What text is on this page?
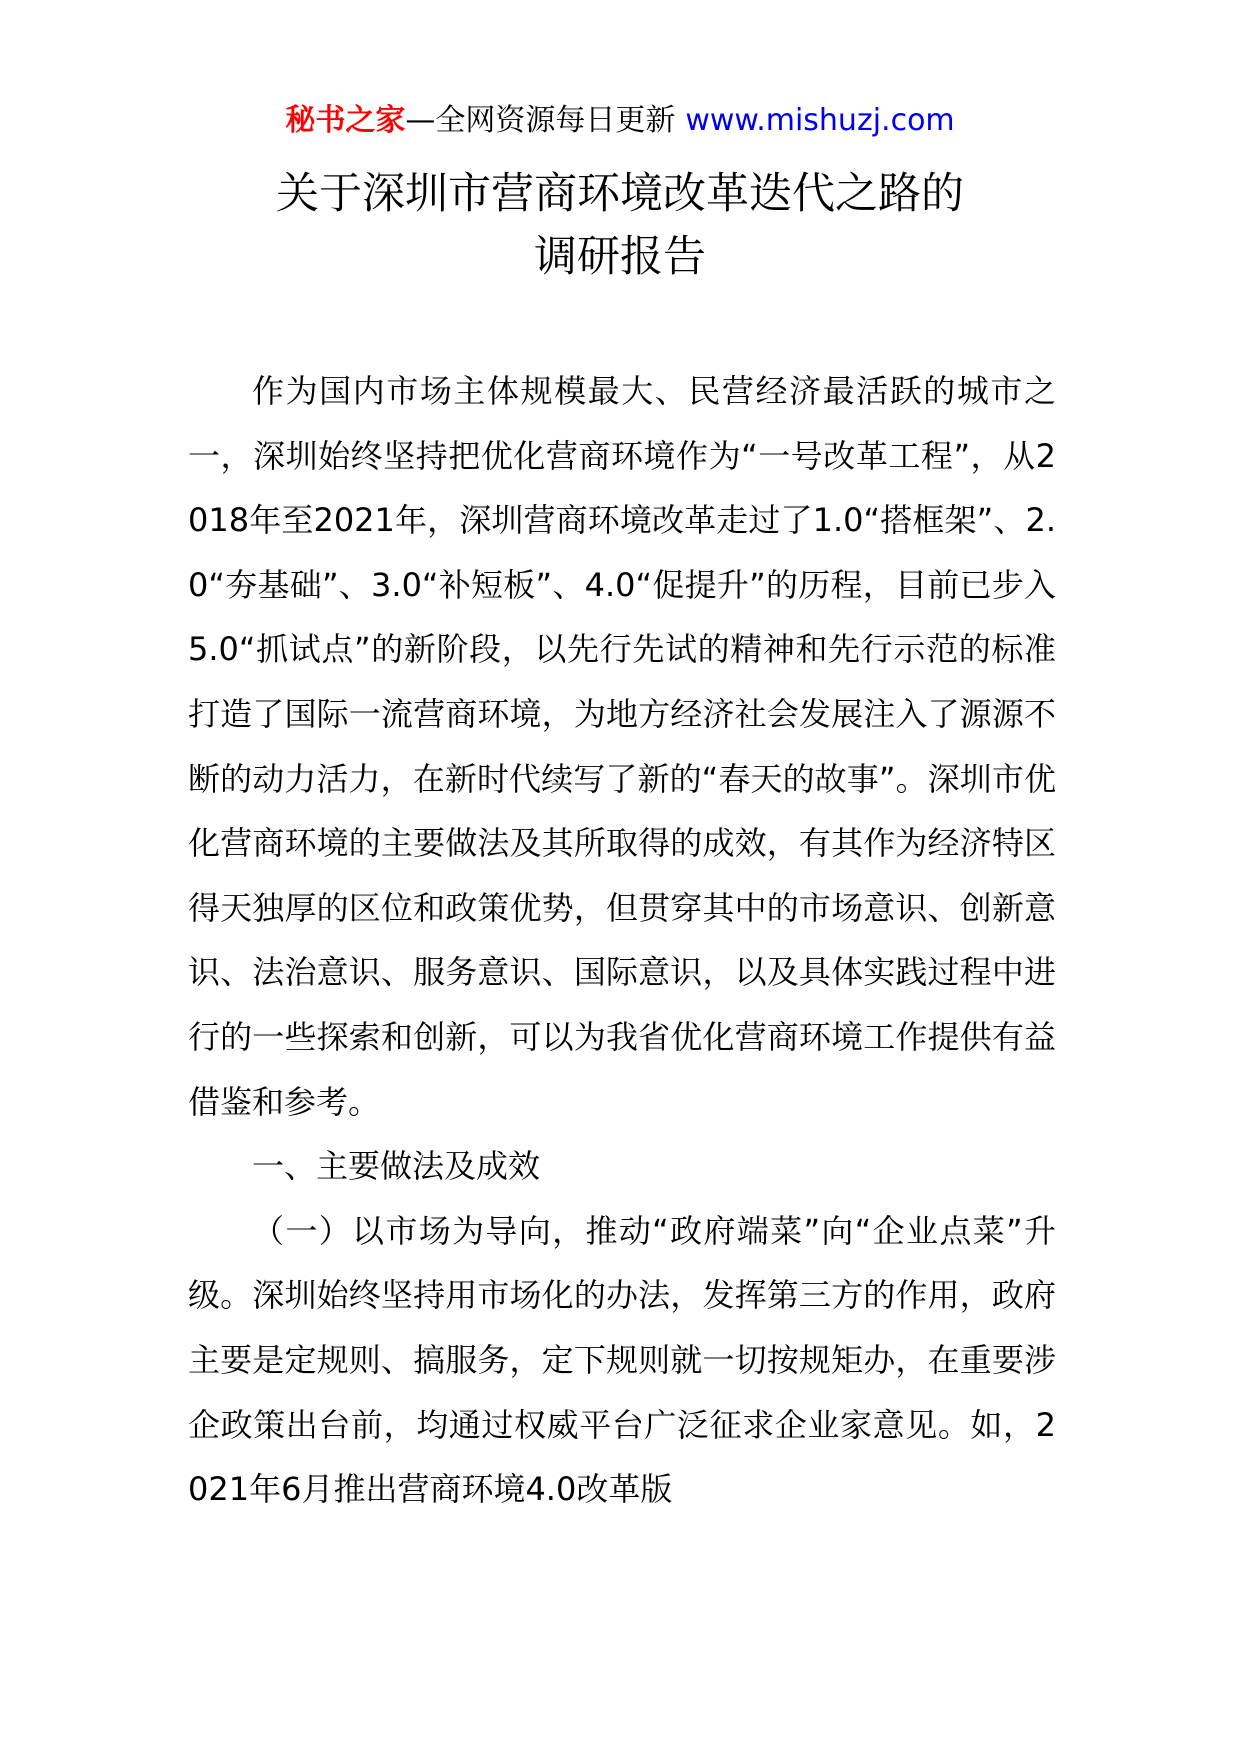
秘书之家—全网资源每日更新 www.mishuzj.com
关于深圳市营商环境改革迭代之路的
调研报告

作为国内市场主体规模最大、民营经济最活跃的城市之一，深圳始终坚持把优化营商环境作为“一号改革工程”，从2018年至2021年，深圳营商环境改革走过了1.0“搭框架”、2.0“夯基础”、3.0“补短板”、4.0“促提升”的历程，目前已步入5.0“抓试点”的新阶段，以先行先试的精神和先行示范的标准打造了国际一流营商环境，为地方经济社会发展注入了源源不断的动力活力，在新时代续写了新的“春天的故事”。深圳市优化营商环境的主要做法及其所取得的成效，有其作为经济特区得天独厚的区位和政策优势，但贯穿其中的市场意识、创新意识、法治意识、服务意识、国际意识，以及具体实践过程中进行的一些探索和创新，可以为我省优化营商环境工作提供有益借鉴和参考。

一、主要做法及成效

（一）以市场为导向，推动“政府端菜”向“企业点菜”升级。深圳始终坚持用市场化的办法，发挥第三方的作用，政府主要是定规则、搞服务，定下规则就一切按规矩办，在重要涉企政策出台前，均通过权威平台广泛征求企业家意见。如，2021年6月推出营商环境4.0改革版
